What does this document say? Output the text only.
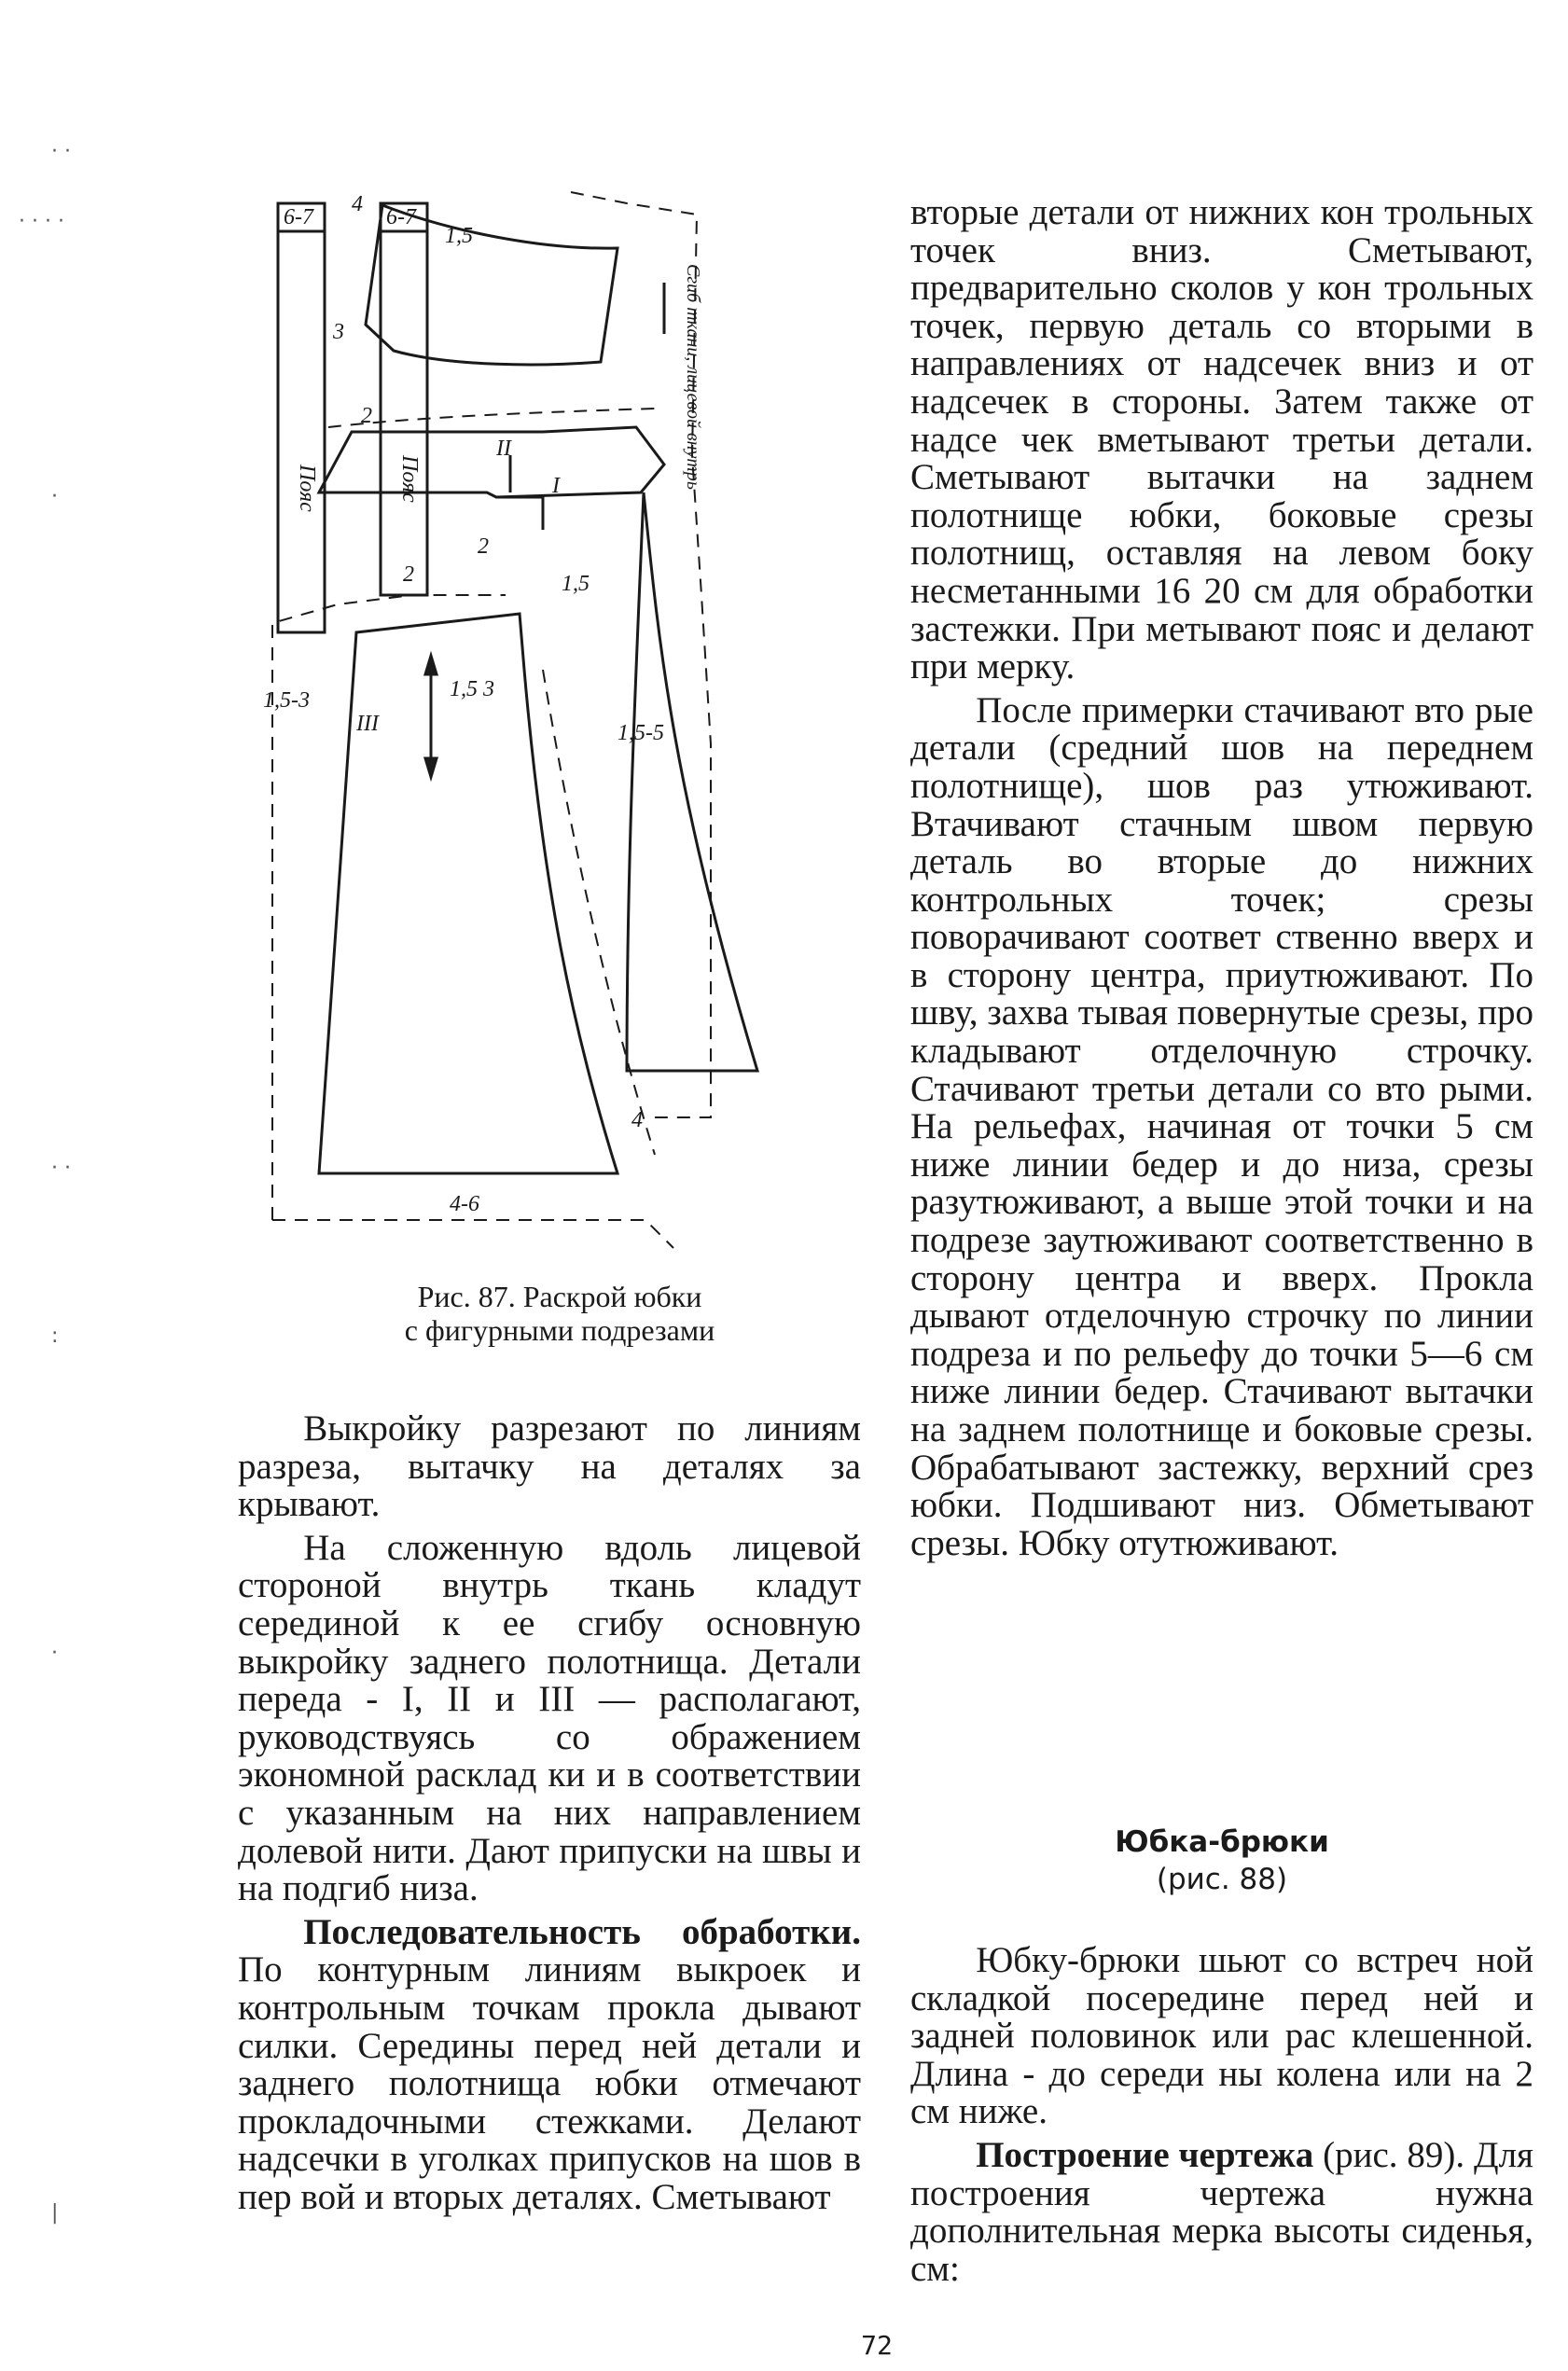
· ·
· · · ·
·
· ·
:
·
|
6-7	6-7
Пояс	Пояс	Сгиб ткани, лицевой внутрь
4
1,5
3
I
2
II
2
1,5
2
1,5-3
III
1,5 3
1,5-5
4
4-6
Рис. 87. Раскрой юбки
с фигурными подрезами

Выкройку разрезают по линиям разреза, вытачку на деталях за крывают.

На сложенную вдоль лицевой стороной внутрь ткань кладут серединой к ее сгибу основную выкройку заднего полотнища. Детали переда - I, II и III — располагают, руководствуясь со ображением экономной расклад ки и в соответствии с указанным на них направлением долевой нити. Дают припуски на швы и на подгиб низа.

Последовательность обработки. По контурным линиям выкроек и контрольным точкам прокла дывают силки. Середины перед ней детали и заднего полотнища юбки отмечают прокладочными стежками. Делают надсечки в уголках припусков на шов в пер вой и вторых деталях. Сметывают

вторые детали от нижних кон трольных точек вниз. Сметывают, предварительно сколов у кон трольных точек, первую деталь со вторыми в направлениях от надсечек вниз и от надсечек в стороны. Затем также от надсе чек вметывают третьи детали. Сметывают вытачки на заднем полотнище юбки, боковые срезы полотнищ, оставляя на левом боку несметанными 16 20 см для обработки застежки. При метывают пояс и делают при мерку.

После примерки стачивают вто рые детали (средний шов на переднем полотнище), шов раз утюживают. Втачивают стачным швом первую деталь во вторые до нижних контрольных точек; срезы поворачивают соответ ственно вверх и в сторону центра, приутюживают. По шву, захва тывая повернутые срезы, про кладывают отделочную строчку. Стачивают третьи детали со вто рыми. На рельефах, начиная от точки 5 см ниже линии бедер и до низа, срезы разутюживают, а выше этой точки и на подрезе заутюживают соответственно в сторону центра и вверх. Прокла дывают отделочную строчку по линии подреза и по рельефу до точки 5—6 см ниже линии бедер. Стачивают вытачки на заднем полотнище и боковые срезы. Обрабатывают застежку, верхний срез юбки. Подшивают низ. Обметывают срезы. Юбку отутюживают.

Юбка-брюки
(рис. 88)

Юбку-брюки шьют со встреч ной складкой посередине перед ней и задней половинок или рас клешенной. Длина - до середи ны колена или на 2 см ниже.

Построение чертежа (рис. 89). Для построения чертежа нужна дополнительная мерка высоты сиденья, см:

72
